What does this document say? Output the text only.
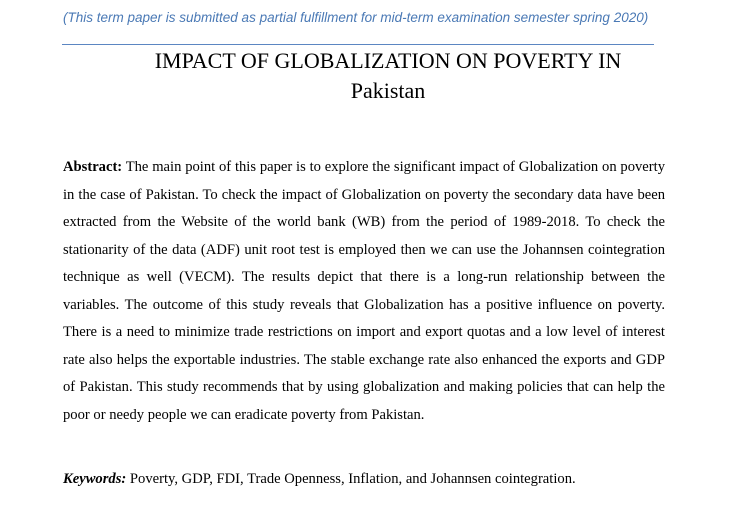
(This term paper is submitted as partial fulfillment for mid-term examination semester spring 2020)
IMPACT OF GLOBALIZATION ON POVERTY IN
Pakistan
Abstract: The main point of this paper is to explore the significant impact of Globalization on poverty in the case of Pakistan. To check the impact of Globalization on poverty the secondary data have been extracted from the Website of the world bank (WB) from the period of 1989-2018. To check the stationarity of the data (ADF) unit root test is employed then we can use the Johannsen cointegration technique as well (VECM). The results depict that there is a long-run relationship between the variables. The outcome of this study reveals that Globalization has a positive influence on poverty. There is a need to minimize trade restrictions on import and export quotas and a low level of interest rate also helps the exportable industries. The stable exchange rate also enhanced the exports and GDP of Pakistan. This study recommends that by using globalization and making policies that can help the poor or needy people we can eradicate poverty from Pakistan.
Keywords: Poverty, GDP, FDI, Trade Openness, Inflation, and Johannsen cointegration.
